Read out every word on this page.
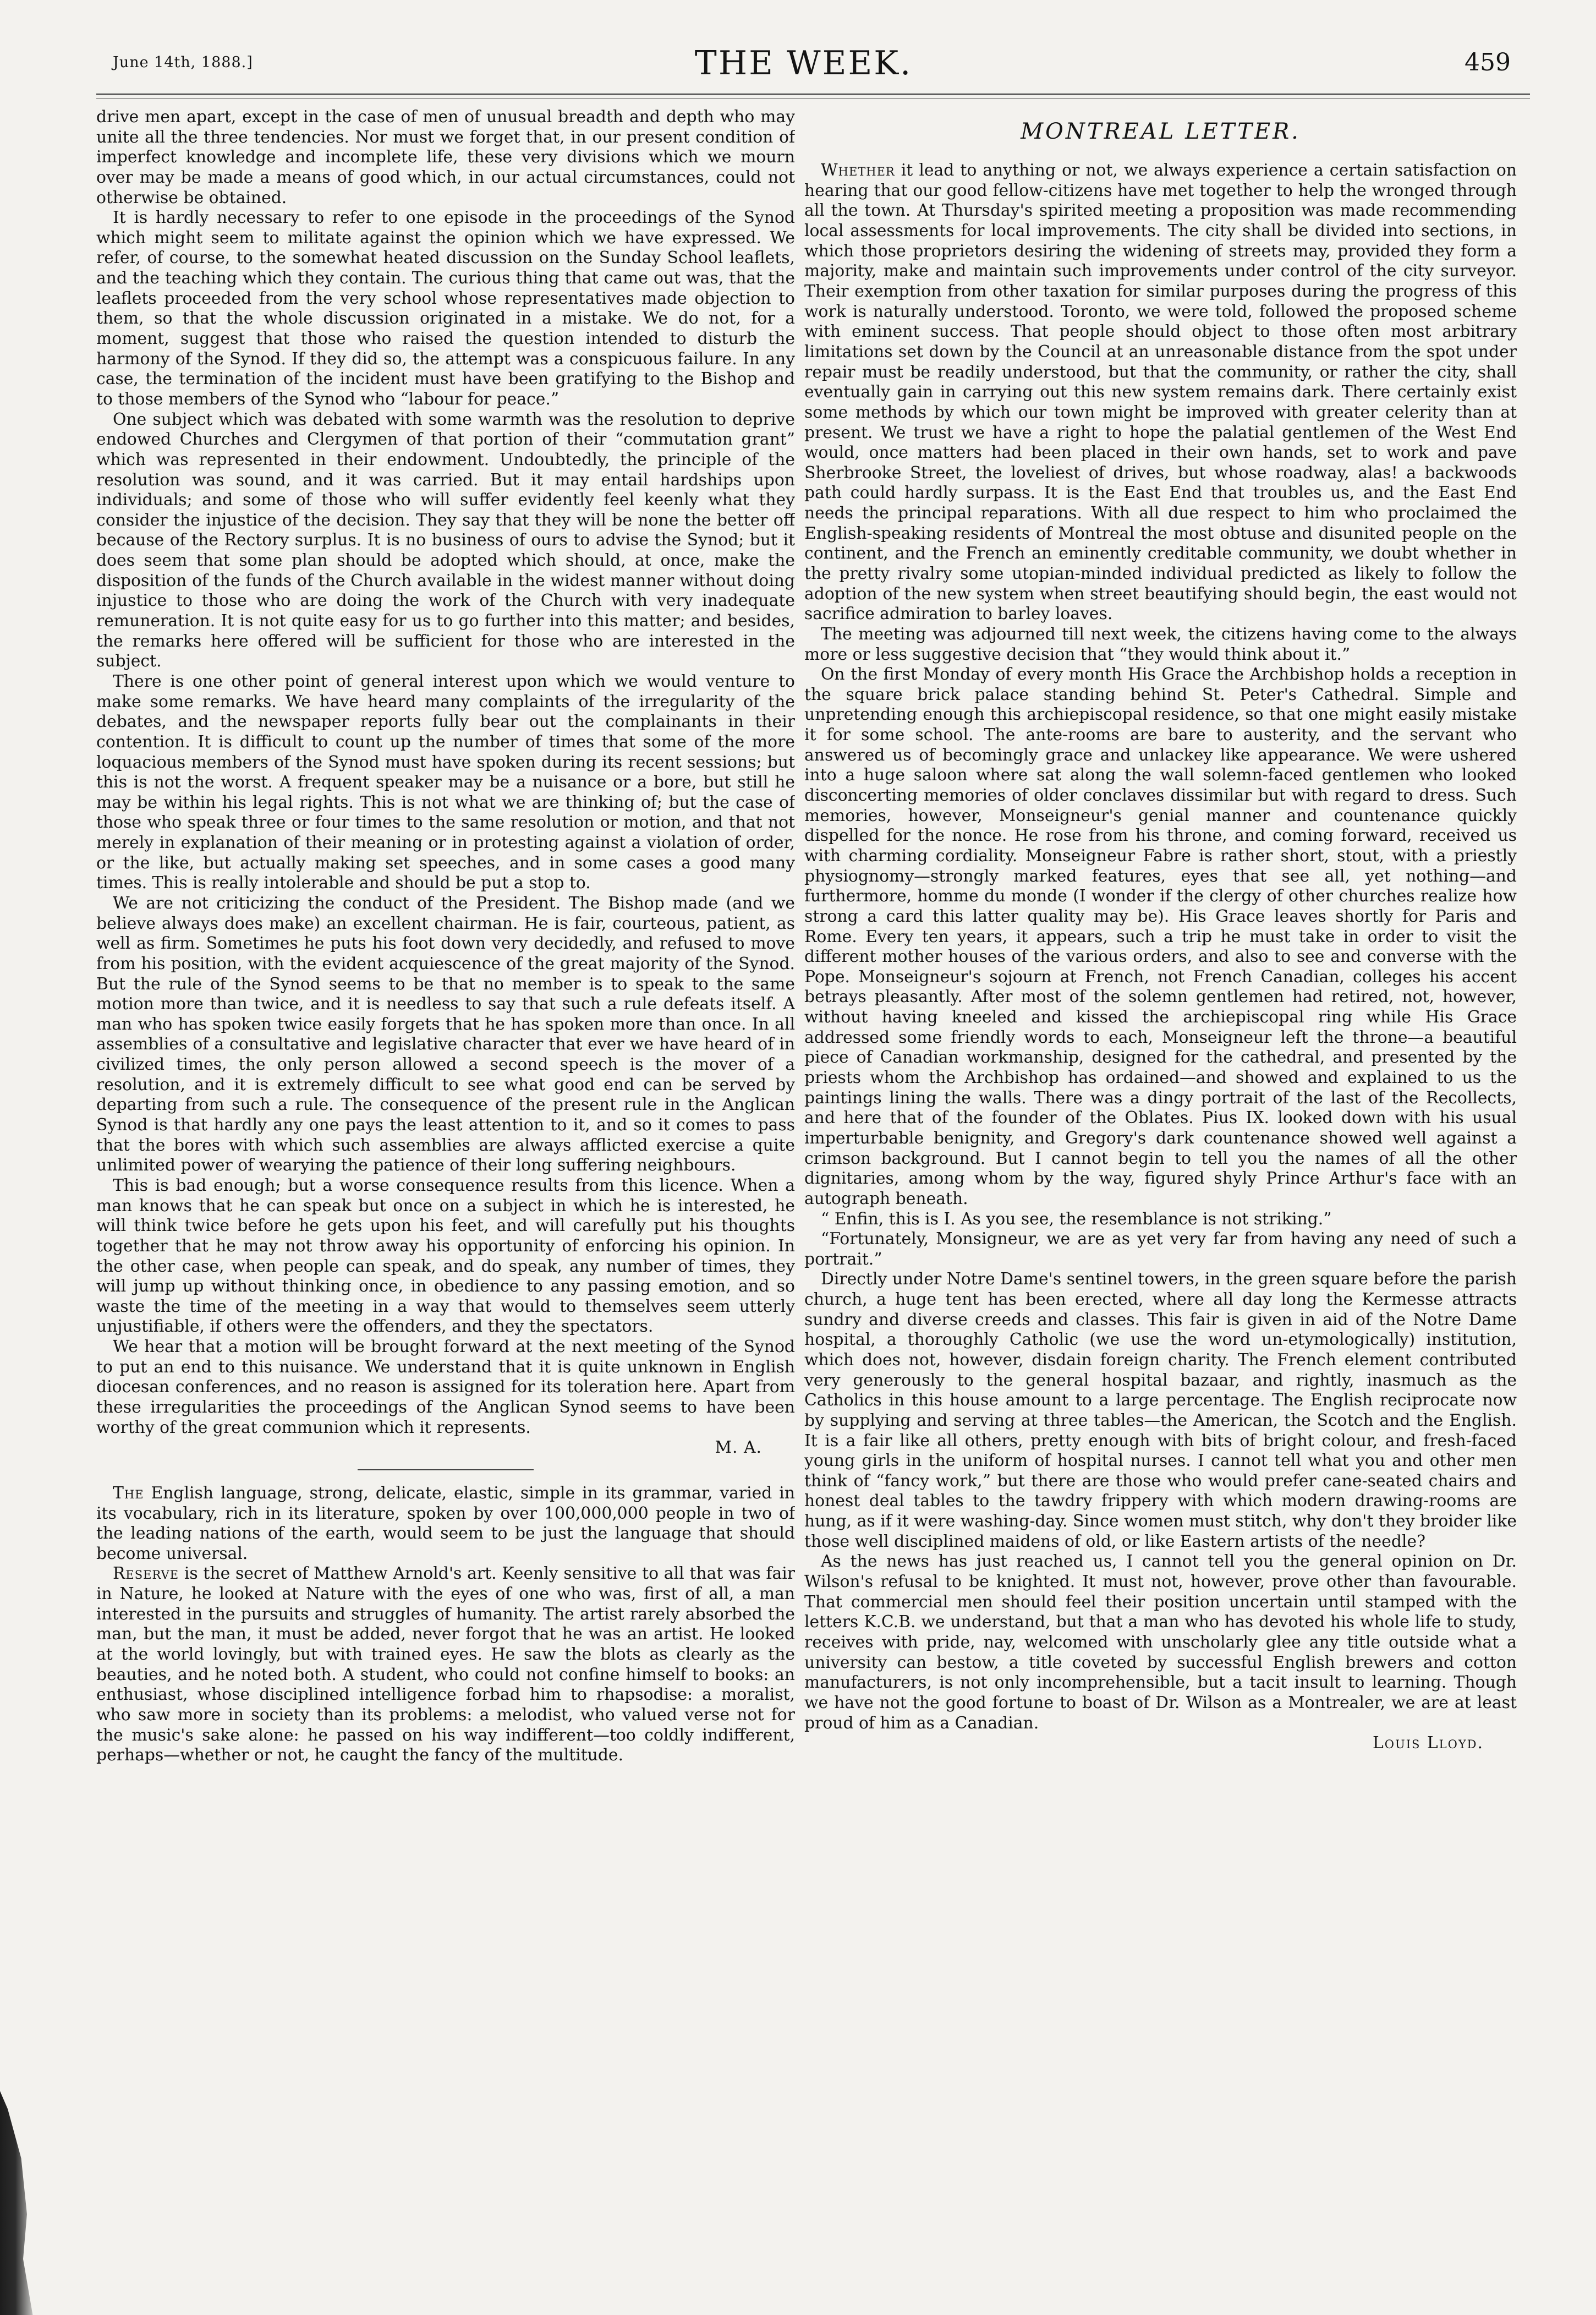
June 14th, 1888.]	THE WEEK.	459

drive men apart, except in the case of men of unusual breadth and depth who may unite all the three tendencies. Nor must we forget that, in our present condition of imperfect knowledge and incomplete life, these very divisions which we mourn over may be made a means of good which, in our actual circumstances, could not otherwise be obtained.

It is hardly necessary to refer to one episode in the proceedings of the Synod which might seem to militate against the opinion which we have expressed. We refer, of course, to the somewhat heated discussion on the Sunday School leaflets, and the teaching which they contain. The curious thing that came out was, that the leaflets proceeded from the very school whose representatives made objection to them, so that the whole discussion originated in a mistake. We do not, for a moment, suggest that those who raised the question intended to disturb the harmony of the Synod. If they did so, the attempt was a conspicuous failure. In any case, the termination of the incident must have been gratifying to the Bishop and to those members of the Synod who “labour for peace.”

One subject which was debated with some warmth was the resolution to deprive endowed Churches and Clergymen of that portion of their “commutation grant” which was represented in their endowment. Undoubtedly, the principle of the resolution was sound, and it was carried. But it may entail hardships upon individuals; and some of those who will suffer evidently feel keenly what they consider the injustice of the decision. They say that they will be none the better off because of the Rectory surplus. It is no business of ours to advise the Synod; but it does seem that some plan should be adopted which should, at once, make the disposition of the funds of the Church available in the widest manner without doing injustice to those who are doing the work of the Church with very inadequate remuneration. It is not quite easy for us to go further into this matter; and besides, the remarks here offered will be sufficient for those who are interested in the subject.

There is one other point of general interest upon which we would venture to make some remarks. We have heard many complaints of the irregularity of the debates, and the newspaper reports fully bear out the complainants in their contention. It is difficult to count up the number of times that some of the more loquacious members of the Synod must have spoken during its recent sessions; but this is not the worst. A frequent speaker may be a nuisance or a bore, but still he may be within his legal rights. This is not what we are thinking of; but the case of those who speak three or four times to the same resolution or motion, and that not merely in explanation of their meaning or in protesting against a violation of order, or the like, but actually making set speeches, and in some cases a good many times. This is really intolerable and should be put a stop to.

We are not criticizing the conduct of the President. The Bishop made (and we believe always does make) an excellent chairman. He is fair, courteous, patient, as well as firm. Sometimes he puts his foot down very decidedly, and refused to move from his position, with the evident acquiescence of the great majority of the Synod. But the rule of the Synod seems to be that no member is to speak to the same motion more than twice, and it is needless to say that such a rule defeats itself. A man who has spoken twice easily forgets that he has spoken more than once. In all assemblies of a consultative and legislative character that ever we have heard of in civilized times, the only person allowed a second speech is the mover of a resolution, and it is extremely difficult to see what good end can be served by departing from such a rule. The consequence of the present rule in the Anglican Synod is that hardly any one pays the least attention to it, and so it comes to pass that the bores with which such assemblies are always afflicted exercise a quite unlimited power of wearying the patience of their long suffering neighbours.

This is bad enough; but a worse consequence results from this licence. When a man knows that he can speak but once on a subject in which he is interested, he will think twice before he gets upon his feet, and will carefully put his thoughts together that he may not throw away his opportunity of enforcing his opinion. In the other case, when people can speak, and do speak, any number of times, they will jump up without thinking once, in obedience to any passing emotion, and so waste the time of the meeting in a way that would to themselves seem utterly unjustifiable, if others were the offenders, and they the spectators.

We hear that a motion will be brought forward at the next meeting of the Synod to put an end to this nuisance. We understand that it is quite unknown in English diocesan conferences, and no reason is assigned for its toleration here. Apart from these irregularities the proceedings of the Anglican Synod seems to have been worthy of the great communion which it represents.

M. A.

The English language, strong, delicate, elastic, simple in its grammar, varied in its vocabulary, rich in its literature, spoken by over 100,000,000 people in two of the leading nations of the earth, would seem to be just the language that should become universal.

Reserve is the secret of Matthew Arnold's art. Keenly sensitive to all that was fair in Nature, he looked at Nature with the eyes of one who was, first of all, a man interested in the pursuits and struggles of humanity. The artist rarely absorbed the man, but the man, it must be added, never forgot that he was an artist. He looked at the world lovingly, but with trained eyes. He saw the blots as clearly as the beauties, and he noted both. A student, who could not confine himself to books: an enthusiast, whose disciplined intelligence forbad him to rhapsodise: a moralist, who saw more in society than its problems: a melodist, who valued verse not for the music's sake alone: he passed on his way indifferent—too coldly indifferent, perhaps—whether or not, he caught the fancy of the multitude.

MONTREAL LETTER.

Whether it lead to anything or not, we always experience a certain satisfaction on hearing that our good fellow-citizens have met together to help the wronged through all the town. At Thursday's spirited meeting a proposition was made recommending local assessments for local improvements. The city shall be divided into sections, in which those proprietors desiring the widening of streets may, provided they form a majority, make and maintain such improvements under control of the city surveyor. Their exemption from other taxation for similar purposes during the progress of this work is naturally understood. Toronto, we were told, followed the proposed scheme with eminent success. That people should object to those often most arbitrary limitations set down by the Council at an unreasonable distance from the spot under repair must be readily understood, but that the community, or rather the city, shall eventually gain in carrying out this new system remains dark. There certainly exist some methods by which our town might be improved with greater celerity than at present. We trust we have a right to hope the palatial gentlemen of the West End would, once matters had been placed in their own hands, set to work and pave Sherbrooke Street, the loveliest of drives, but whose roadway, alas! a backwoods path could hardly surpass. It is the East End that troubles us, and the East End needs the principal reparations. With all due respect to him who proclaimed the English-speaking residents of Montreal the most obtuse and disunited people on the continent, and the French an eminently creditable community, we doubt whether in the pretty rivalry some utopian-minded individual predicted as likely to follow the adoption of the new system when street beautifying should begin, the east would not sacrifice admiration to barley loaves.

The meeting was adjourned till next week, the citizens having come to the always more or less suggestive decision that “they would think about it.”

On the first Monday of every month His Grace the Archbishop holds a reception in the square brick palace standing behind St. Peter's Cathedral. Simple and unpretending enough this archiepiscopal residence, so that one might easily mistake it for some school. The ante-rooms are bare to austerity, and the servant who answered us of becomingly grace and unlackey like appearance. We were ushered into a huge saloon where sat along the wall solemn-faced gentlemen who looked disconcerting memories of older conclaves dissimilar but with regard to dress. Such memories, however, Monseigneur's genial manner and countenance quickly dispelled for the nonce. He rose from his throne, and coming forward, received us with charming cordiality. Monseigneur Fabre is rather short, stout, with a priestly physiognomy—strongly marked features, eyes that see all, yet nothing—and furthermore, homme du monde (I wonder if the clergy of other churches realize how strong a card this latter quality may be). His Grace leaves shortly for Paris and Rome. Every ten years, it appears, such a trip he must take in order to visit the different mother houses of the various orders, and also to see and converse with the Pope. Monseigneur's sojourn at French, not French Canadian, colleges his accent betrays pleasantly. After most of the solemn gentlemen had retired, not, however, without having kneeled and kissed the archiepiscopal ring while His Grace addressed some friendly words to each, Monseigneur left the throne—a beautiful piece of Canadian workmanship, designed for the cathedral, and presented by the priests whom the Archbishop has ordained—and showed and explained to us the paintings lining the walls. There was a dingy portrait of the last of the Recollects, and here that of the founder of the Oblates. Pius IX. looked down with his usual imperturbable benignity, and Gregory's dark countenance showed well against a crimson background. But I cannot begin to tell you the names of all the other dignitaries, among whom by the way, figured shyly Prince Arthur's face with an autograph beneath.

“ Enfin, this is I. As you see, the resemblance is not striking.”

“Fortunately, Monsigneur, we are as yet very far from having any need of such a portrait.”

Directly under Notre Dame's sentinel towers, in the green square before the parish church, a huge tent has been erected, where all day long the Kermesse attracts sundry and diverse creeds and classes. This fair is given in aid of the Notre Dame hospital, a thoroughly Catholic (we use the word un-etymologically) institution, which does not, however, disdain foreign charity. The French element contributed very generously to the general hospital bazaar, and rightly, inasmuch as the Catholics in this house amount to a large percentage. The English reciprocate now by supplying and serving at three tables—the American, the Scotch and the English. It is a fair like all others, pretty enough with bits of bright colour, and fresh-faced young girls in the uniform of hospital nurses. I cannot tell what you and other men think of “fancy work,” but there are those who would prefer cane-seated chairs and honest deal tables to the tawdry frippery with which modern drawing-rooms are hung, as if it were washing-day. Since women must stitch, why don't they broider like those well disciplined maidens of old, or like Eastern artists of the needle?

As the news has just reached us, I cannot tell you the general opinion on Dr. Wilson's refusal to be knighted. It must not, however, prove other than favourable. That commercial men should feel their position uncertain until stamped with the letters K.C.B. we understand, but that a man who has devoted his whole life to study, receives with pride, nay, welcomed with unscholarly glee any title outside what a university can bestow, a title coveted by successful English brewers and cotton manufacturers, is not only incomprehensible, but a tacit insult to learning. Though we have not the good fortune to boast of Dr. Wilson as a Montrealer, we are at least proud of him as a Canadian.

Louis Lloyd.
